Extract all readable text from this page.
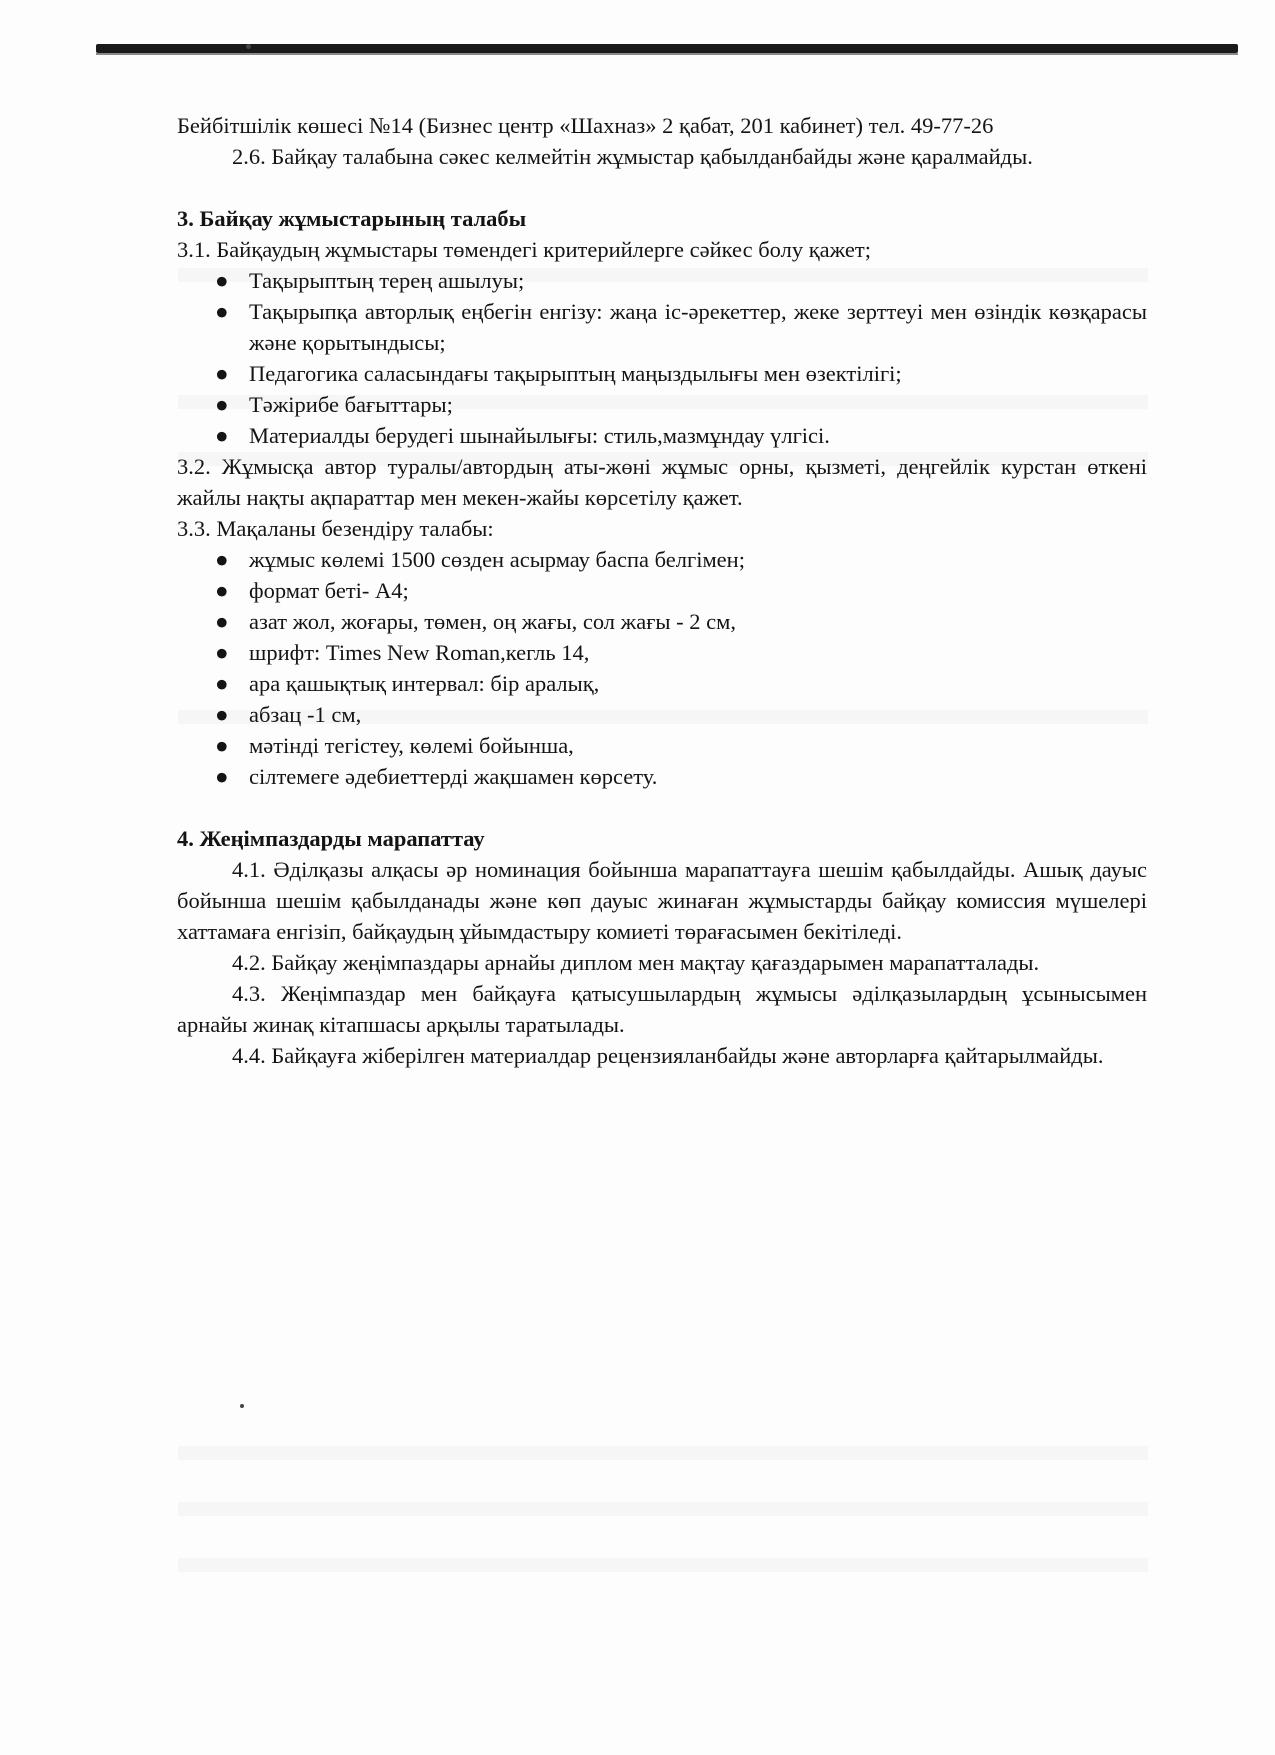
Бейбітшілік көшесі №14 (Бизнес центр «Шахназ» 2 қабат, 201 кабинет) тел. 49-77-26

2.6. Байқау талабына сәкес келмейтін жұмыстар қабылданбайды және қаралмайды.

3. Байқау жұмыстарының талабы

3.1. Байқаудың жұмыстары төмендегі критерийлерге сәйкес болу қажет;

● Тақырыптың терең ашылуы;
● Тақырыпқа авторлық еңбегін енгізу: жаңа іс-әрекеттер, жеке зерттеуі мен өзіндік көзқарасы және қорытындысы;
● Педагогика саласындағы тақырыптың маңыздылығы мен өзектілігі;
● Тәжірибе бағыттары;
● Материалды берудегі шынайылығы: стиль,мазмұндау үлгісі.

3.2. Жұмысқа автор туралы/автордың аты-жөні жұмыс орны, қызметі, деңгейлік курстан өткені жайлы нақты ақпараттар мен мекен-жайы көрсетілу қажет.

3.3. Мақаланы безендіру талабы:

● жұмыс көлемі 1500 сөзден асырмау баспа белгімен;
● формат беті- А4;
● азат жол, жоғары, төмен, оң жағы, сол жағы - 2 см,
● шрифт: Times New Roman,кегль 14,
● ара қашықтық интервал: бір аралық,
● абзац -1 см,
● мәтінді тегістеу, көлемі бойынша,
● сілтемеге әдебиеттерді жақшамен көрсету.
4. Жеңімпаздарды марапаттау

4.1. Әділқазы алқасы әр номинация бойынша марапаттауға шешім қабылдайды. Ашық дауыс бойынша шешім қабылданады және көп дауыс жинаған жұмыстарды байқау комиссия мүшелері хаттамаға енгізіп, байқаудың ұйымдастыру комиеті төрағасымен бекітіледі.

4.2. Байқау жеңімпаздары арнайы диплом мен мақтау қағаздарымен марапатталады.

4.3. Жеңімпаздар мен байқауға қатысушылардың жұмысы әділқазылардың ұсынысымен арнайы жинақ кітапшасы арқылы таратылады.

4.4. Байқауға жіберілген материалдар рецензияланбайды және авторларға қайтарылмайды.
